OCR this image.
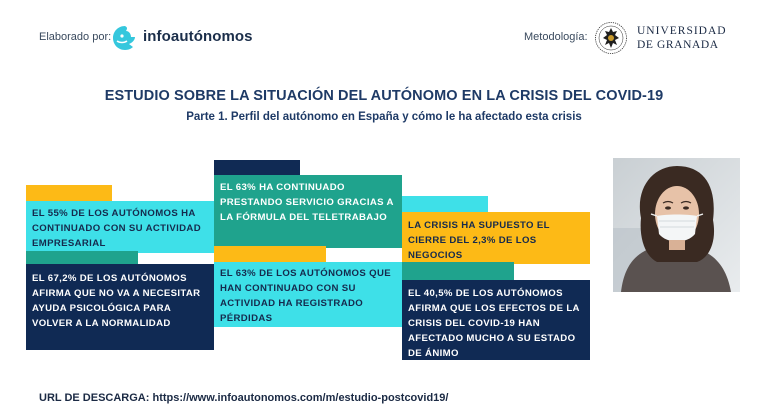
Elaborado por: infoautónomos	Metodología:	UNIVERSIDAD
DE GRANADA
ESTUDIO SOBRE LA SITUACIÓN DEL AUTÓNOMO EN LA CRISIS DEL COVID-19
Parte 1. Perfil del autónomo en España y cómo le ha afectado esta crisis
EL 55% DE LOS AUTÓNOMOS HA CONTINUADO CON SU ACTIVIDAD EMPRESARIAL
EL 67,2% DE LOS AUTÓNOMOS AFIRMA QUE NO VA A NECESITAR AYUDA PSICOLÓGICA PARA VOLVER A LA NORMALIDAD
EL 63% HA CONTINUADO PRESTANDO SERVICIO GRACIAS A LA FÓRMULA DEL TELETRABAJO
EL 63% DE LOS AUTÓNOMOS QUE HAN CONTINUADO CON SU ACTIVIDAD HA REGISTRADO PÉRDIDAS
LA CRISIS HA SUPUESTO EL CIERRE DEL 2,3% DE LOS NEGOCIOS
EL 40,5% DE LOS AUTÓNOMOS AFIRMA QUE LOS EFECTOS DE LA CRISIS DEL COVID-19 HAN AFECTADO MUCHO A SU ESTADO DE ÁNIMO
URL DE DESCARGA: https://www.infoautonomos.com/m/estudio-postcovid19/
